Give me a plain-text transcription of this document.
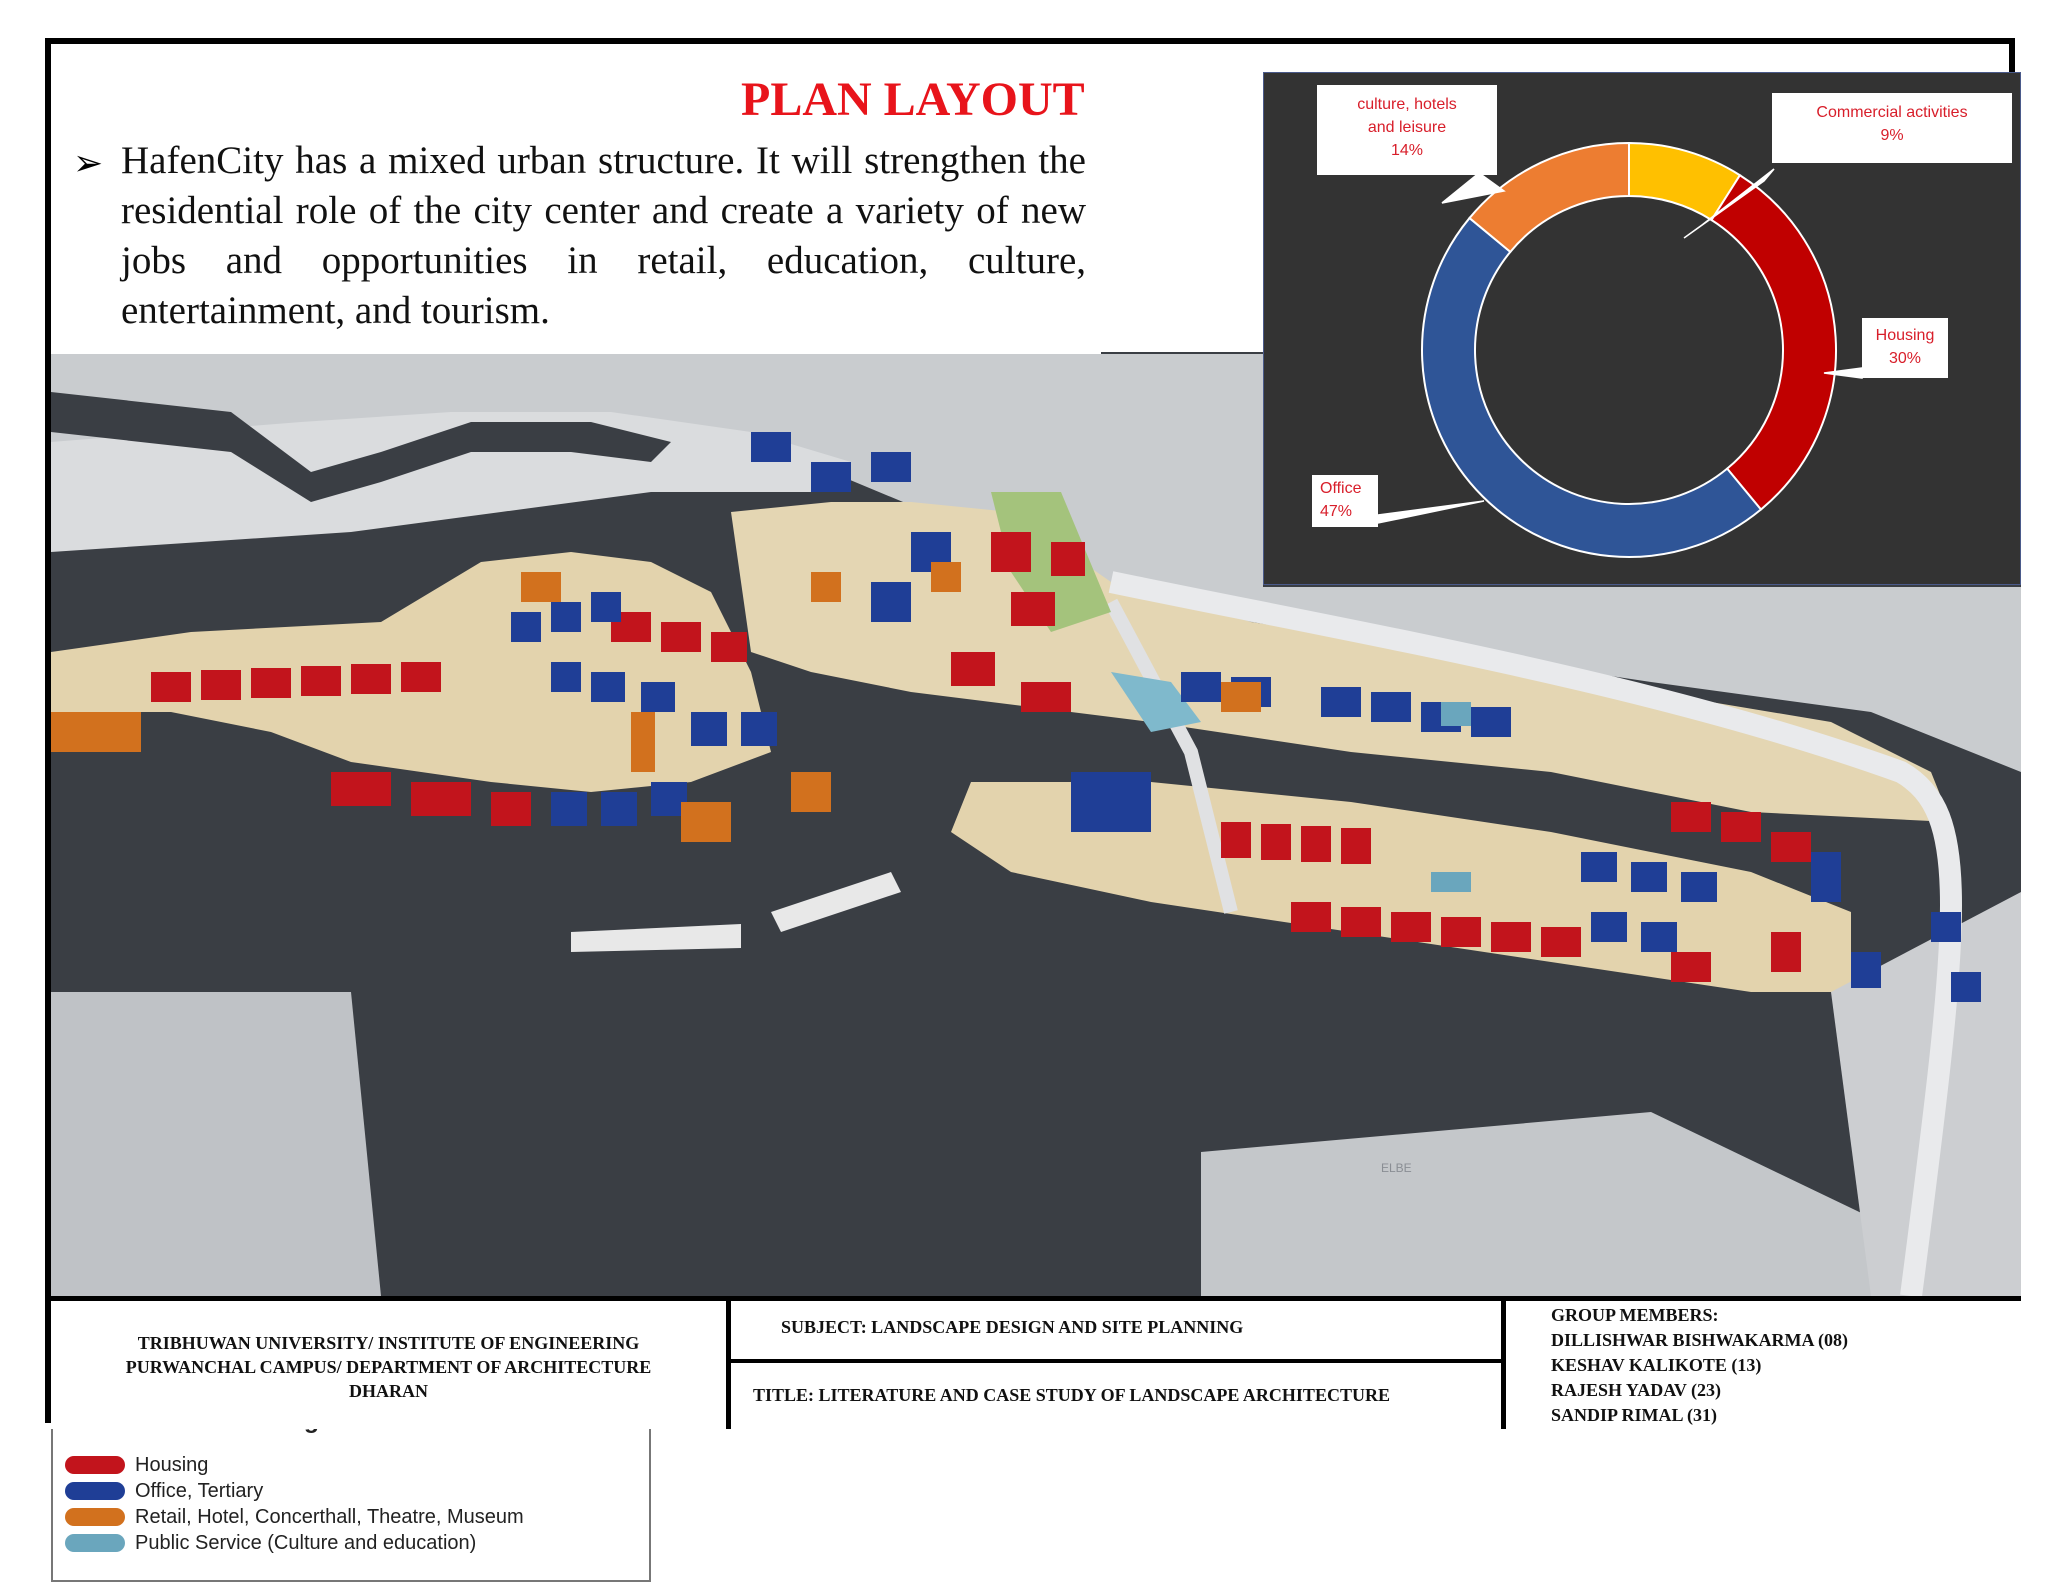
ELBE
Housing
Office, Tertiary
Retail, Hotel, Concerthall, Theatre, Museum
Public Service (Culture and education)
PLAN LAYOUT
➢ HafenCity has a mixed urban structure. It will strengthen the residential role of the city center and create a variety of new jobs and opportunities in retail, education, culture, entertainment, and tourism.
culture, hotels and leisure
14%
Commercial activities
9%
Housing
30%
Office
47%
TRIBHUWAN UNIVERSITY/ INSTITUTE OF ENGINEERING
PURWANCHAL CAMPUS/ DEPARTMENT OF ARCHITECTURE
DHARAN
SUBJECT: LANDSCAPE DESIGN AND SITE PLANNING
TITLE: LITERATURE AND CASE STUDY OF LANDSCAPE ARCHITECTURE
GROUP MEMBERS:
DILLISHWAR BISHWAKARMA (08)
KESHAV KALIKOTE (13)
RAJESH YADAV (23)
SANDIP RIMAL (31)
